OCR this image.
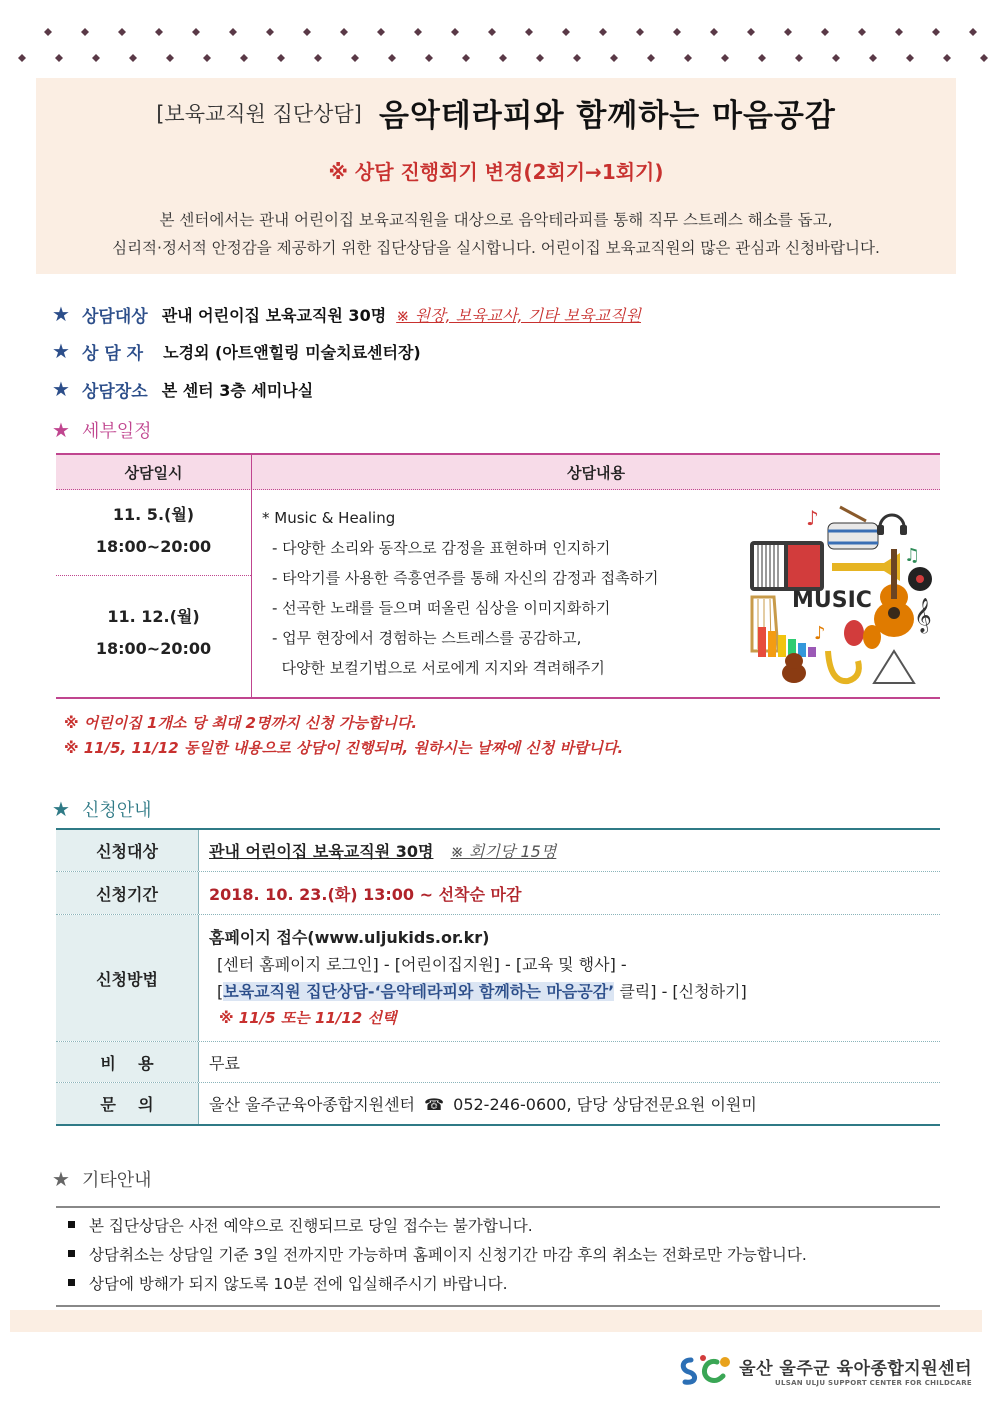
[보육교직원 집단상담] 음악테라피와 함께하는 마음공감
※ 상담 진행회기 변경(2회기→1회기)
본 센터에서는 관내 어린이집 보육교직원을 대상으로 음악테라피를 통해 직무 스트레스 해소를 돕고,
심리적‧정서적 안정감을 제공하기 위한 집단상담을 실시합니다. 어린이집 보육교직원의 많은 관심과 신청바랍니다.
★ 상담대상 관내 어린이집 보육교직원 30명 ※ 원장, 보육교사, 기타 보육교직원
★ 상 담 자 노경외 (아트앤힐링 미술치료센터장)
★ 상담장소 본 센터 3층 세미나실
★ 세부일정
상담일시	상담내용
11. 5.(월)
18:00~20:00
11. 12.(월)
18:00~20:00
* Music & Healing
- 다양한 소리와 동작으로 감정을 표현하며 인지하기
- 타악기를 사용한 즉흥연주를 통해 자신의 감정과 접촉하기
- 선곡한 노래를 들으며 떠올린 심상을 이미지화하기
- 업무 현장에서 경험하는 스트레스를 공감하고,
다양한 보컬기법으로 서로에게 지지와 격려해주기
♪
♫
♪
MUSIC 𝄞
※ 어린이집 1개소 당 최대 2명까지 신청 가능합니다.
※ 11/5, 11/12 동일한 내용으로 상담이 진행되며, 원하시는 날짜에 신청 바랍니다.
★ 신청안내
신청대상	관내 어린이집 보육교직원 30명 ※ 회기당 15명
신청기간	2018. 10. 23.(화) 13:00 ~ 선착순 마감
신청방법
홈페이지 접수(www.uljukids.or.kr)
[센터 홈페이지 로그인] - [어린이집지원] - [교육 및 행사] -
[보육교직원 집단상담-‘음악테라피와 함께하는 마음공감’ 클릭] - [신청하기]
※ 11/5 또는 11/12 선택
비    용	무료
문    의	울산 울주군육아종합지원센터 ☎ 052-246-0600, 담당 상담전문요원 이원미
★ 기타안내
본 집단상담은 사전 예약으로 진행되므로 당일 접수는 불가합니다.
상담취소는 상담일 기준 3일 전까지만 가능하며 홈페이지 신청기간 마감 후의 취소는 전화로만 가능합니다.
상담에 방해가 되지 않도록 10분 전에 입실해주시기 바랍니다.
울산 울주군 육아종합지원센터
ULSAN ULJU SUPPORT CENTER FOR CHILDCARE
